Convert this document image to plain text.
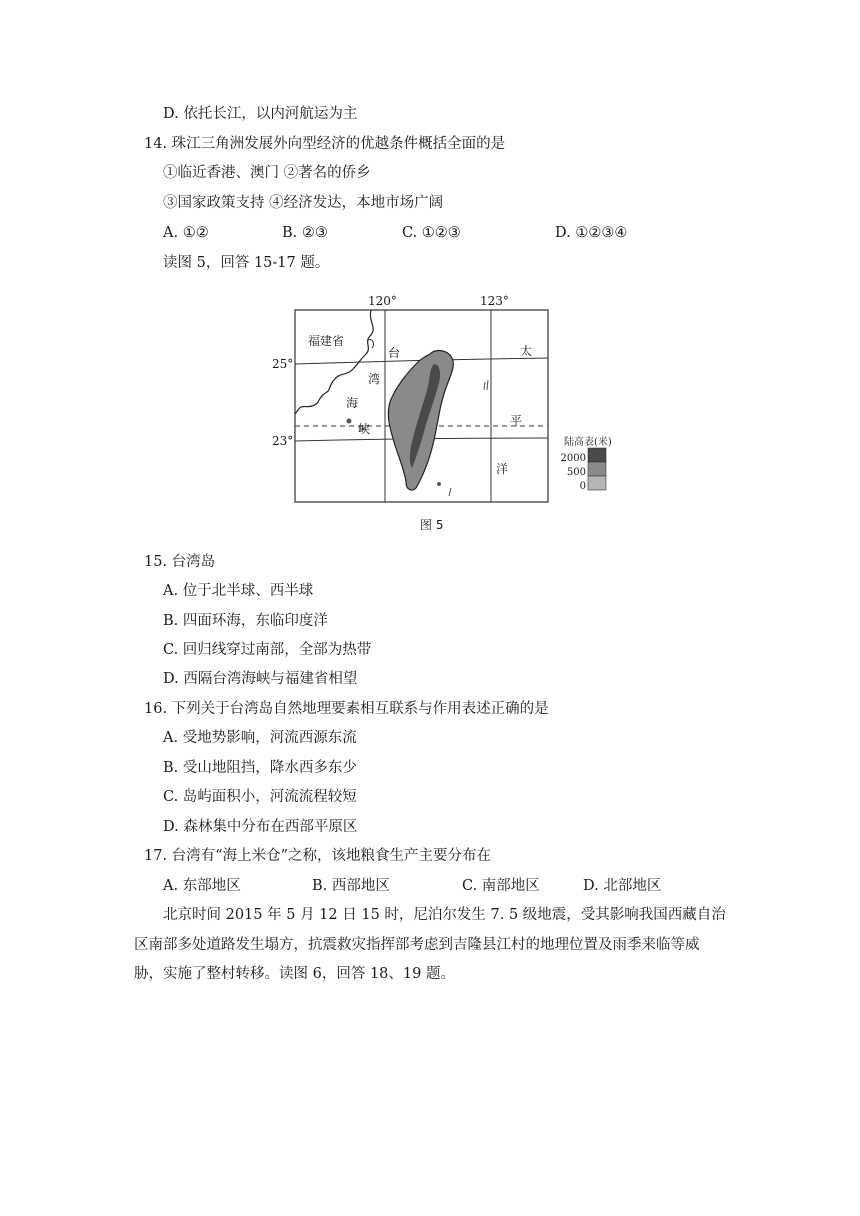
D. 依托长江，以内河航运为主
14. 珠江三角洲发展外向型经济的优越条件概括全面的是
①临近香港、澳门 ②著名的侨乡
③国家政策支持 ④经济发达，本地市场广阔
A. ①②	B. ②③	C. ①②③	D. ①②③④
读图 5，回答 15-17 题。
120°	123°
25°
23°
福建省
台
湾
海
峡
太
平
洋
陆高表(米)
2000
500
0
图 5
15. 台湾岛
A. 位于北半球、西半球
B. 四面环海，东临印度洋
C. 回归线穿过南部，全部为热带
D. 西隔台湾海峡与福建省相望
16. 下列关于台湾岛自然地理要素相互联系与作用表述正确的是
A. 受地势影响，河流西源东流
B. 受山地阻挡，降水西多东少
C. 岛屿面积小，河流流程较短
D. 森林集中分布在西部平原区
17. 台湾有“海上米仓”之称，该地粮食生产主要分布在
A. 东部地区	B. 西部地区	C. 南部地区	D. 北部地区
北京时间 2015 年 5 月 12 日 15 时，尼泊尔发生 7. 5 级地震，受其影响我国西藏自治
区南部多处道路发生塌方，抗震救灾指挥部考虑到吉隆县江村的地理位置及雨季来临等威
胁，实施了整村转移。读图 6，回答 18、19 题。
